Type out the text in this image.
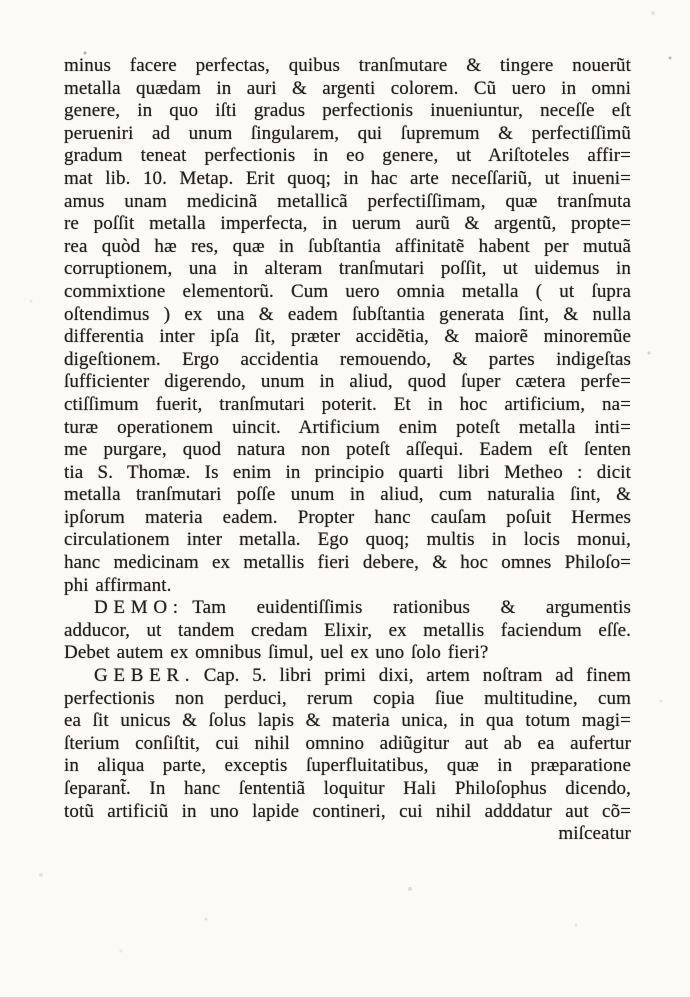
minus facere perfectas, quibus tranſmutare & tingere nouerũt
metalla quædam in auri & argenti colorem. Cũ uero in omni
genere, in quo iſti gradus perfectionis inueniuntur, neceſſe eſt
perueniri ad unum ſingularem, qui ſupremum & perfectiſſimũ
gradum teneat perfectionis in eo genere, ut Ariſtoteles affir=
mat lib. 10. Metap. Erit quoq; in hac arte neceſſariũ, ut inueni=
amus unam medicinã metallicã perfectiſſimam, quæ tranſmuta
re poſſit metalla imperfecta, in uerum aurũ & argentũ, propte=
rea quòd hæ res, quæ in ſubſtantia affinitatẽ habent per mutuã
corruptionem, una in alteram tranſmutari poſſit, ut uidemus in
commixtione elementorũ. Cum uero omnia metalla ( ut ſupra
oſtendimus ) ex una & eadem ſubſtantia generata ſint, & nulla
differentia inter ipſa ſit, præter accidẽtia, & maiorẽ minoremũe
digeſtionem. Ergo accidentia remouendo, & partes indigeſtas
ſufficienter digerendo, unum in aliud, quod ſuper cætera perfe=
ctiſſimum fuerit, tranſmutari poterit. Et in hoc artificium, na=
turæ operationem uincit. Artificium enim poteſt metalla inti=
me purgare, quod natura non poteſt aſſequi. Eadem eſt ſenten
tia S. Thomæ. Is enim in principio quarti libri Metheo : dicit
metalla tranſmutari poſſe unum in aliud, cum naturalia ſint, &
ipſorum materia eadem. Propter hanc cauſam poſuit Hermes
circulationem inter metalla. Ego quoq; multis in locis monui,
hanc medicinam ex metallis fieri debere, & hoc omnes Philoſo=
phi affirmant.
DEMO: Tam euidentiſſimis rationibus & argumentis
adducor, ut tandem credam Elixir, ex metallis faciendum eſſe.
Debet autem ex omnibus ſimul, uel ex uno ſolo fieri?
GEBER. Cap. 5. libri primi dixi, artem noſtram ad finem
perfectionis non perduci, rerum copia ſiue multitudine, cum
ea ſit unicus & ſolus lapis & materia unica, in qua totum magi=
ſterium conſiſtit, cui nihil omnino adiũgitur aut ab ea aufertur
in aliqua parte, exceptis ſuperfluitatibus, quæ in præparatione
ſeparant̃. In hanc ſententiã loquitur Hali Philoſophus dicendo,
totũ artificiũ in uno lapide contineri, cui nihil adddatur aut cõ=
miſceatur
